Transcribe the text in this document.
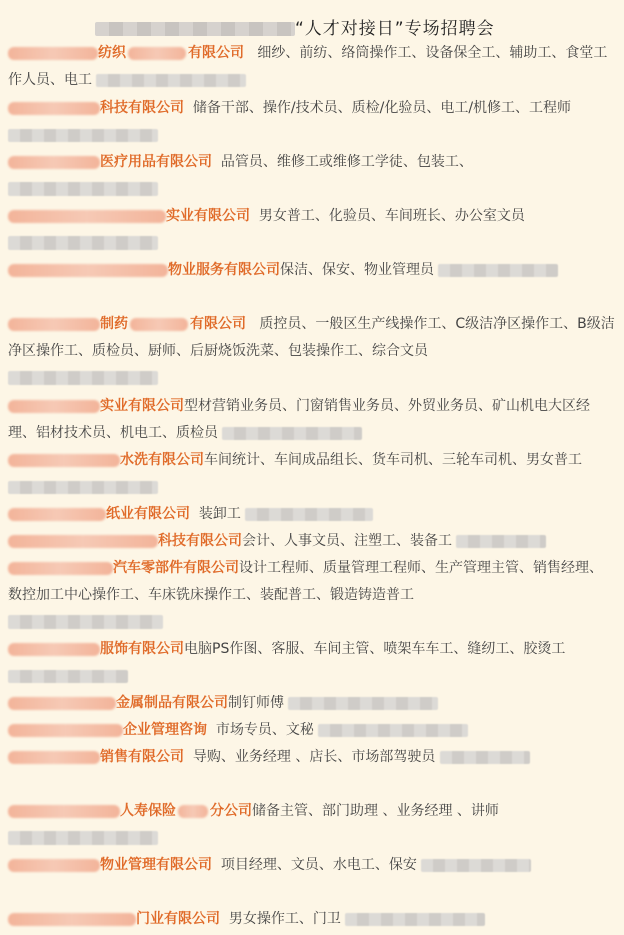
“人才对接日”专场招聘会
纺织	有限公司 细纱、前纺、络筒操作工、设备保全工、辅助工、食堂工作人员、电工
科技有限公司 储备干部、操作/技术员、质检/化验员、电工/机修工、工程师
医疗用品有限公司 品管员、维修工或维修工学徒、包装工、
实业有限公司 男女普工、化验员、车间班长、办公室文员
物业服务有限公司保洁、保安、物业管理员
制药	有限公司 质控员、一般区生产线操作工、C级洁净区操作工、B级洁净区操作工、质检员、厨师、后厨烧饭洗菜、包装操作工、综合文员
实业有限公司型材营销业务员、门窗销售业务员、外贸业务员、矿山机电大区经理、铝材技术员、机电工、质检员
水洗有限公司车间统计、车间成品组长、货车司机、三轮车司机、男女普工
纸业有限公司 装卸工
科技有限公司会计、人事文员、注塑工、装备工
汽车零部件有限公司设计工程师、质量管理工程师、生产管理主管、销售经理、数控加工中心操作工、车床铣床操作工、装配普工、锻造铸造普工
服饰有限公司电脑PS作图、客服、车间主管、喷架车车工、缝纫工、胶烫工
金属制品有限公司制钉师傅
企业管理咨询 市场专员、文秘
销售有限公司 导购、业务经理 、店长、市场部驾驶员
人寿保险 分公司储备主管、部门助理 、业务经理 、讲师
物业管理有限公司 项目经理、文员、水电工、保安
门业有限公司 男女操作工、门卫
